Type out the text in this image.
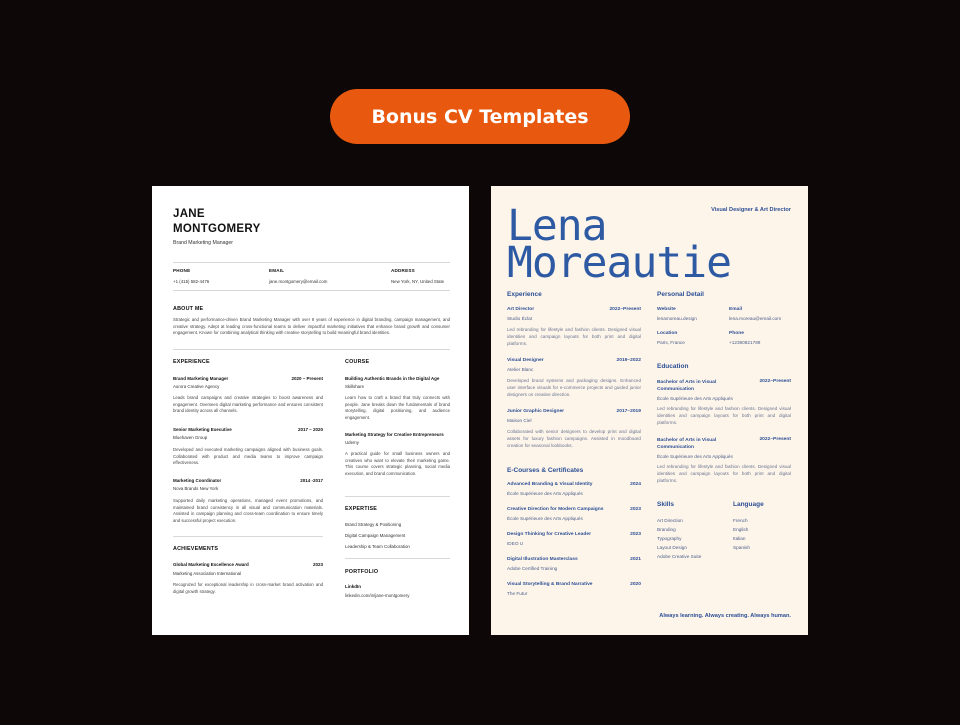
Bonus CV Templates
JANE
MONTGOMERY
Brand Marketing Manager
PHONE
+1 (415) 582-4476
EMAIL
jane.montgomery@email.com
ADDRESS
New York, NY, United State
ABOUT ME
Strategic and performance-driven Brand Marketing Manager with over 8 years of experience in digital branding, campaign management, and creative strategy. Adept at leading cross-functional teams to deliver impactful marketing initiatives that enhance brand growth and consumer engagement. Known for combining analytical thinking with creative storytelling to build meaningful brand identities.
EXPERIENCE
Brand Marketing Manager	2020 – Present
Aurora Creative Agency
Leads brand campaigns and creative strategies to boost awareness and engagement. Oversees digital marketing performance and ensures consistent brand identity across all channels.
Senior Marketing Executive	2017 – 2020
Bluehaven Group
Developed and executed marketing campaigns aligned with business goals. Collaborated with product and media teams to improve campaign effectiveness.
Marketing Coordinator	2014 -2017
Nova Brands New York
Supported daily marketing operations, managed event promotions, and maintained brand consistency in all visual and communication materials. Assisted in campaign planning and cross-team coordination to ensure timely and successful project execution.
ACHIEVEMENTS
Global Marketing Excellence Award	2023
Marketing Association International
Recognized for exceptional leadership in cross-market brand activation and digital growth strategy.
COURSE
Building Authentic Brands in the Digital Age
Skillshare
Learn how to craft a brand that truly connects with people. Jane breaks down the fundamentals of brand storytelling, digital positioning, and audience engagement.
Marketing Strategy for Creative Entrepreneurs
Udemy
A practical guide for small business owners and creatives who want to elevate their marketing game. This course covers strategic planning, social media execution, and brand communication.
EXPERTISE
Brand Strategy & Positioning
Digital Campaign Management
Leadership & Team Collaboration
PORTFOLIO
LinkdIn
linkedin.com/in/jane-montgomery
Visual Designer & Art Director
Lena
Moreautie
Experience
Art Director	2022–Present
Studio Éclat
Led rebranding for lifestyle and fashion clients. Designed visual identities and campaign layouts for both print and digital platforms.
Visual Designer	2019–2022
Atelier Blanc
Developed brand systems and packaging designs. Enhanced user interface visuals for e-commerce projects and guided junior designers on creative direction.
Junior Graphic Designer	2017–2019
Maison Ciel
Collaborated with senior designers to develop print and digital assets for luxury fashion campaigns. Assisted in moodboard creation for seasonal lookbooks.
E-Courses & Certificates
Advanced Branding & Visual Identity	2024
École Supérieure des Arts Appliqués
Creative Direction for Modern Campaigns	2023
École Supérieure des Arts Appliqués
Design Thinking for Creative Leader	2023
IDEO U
Digital Illustration Masterclass	2021
Adobe Certified Training
Visual Storytelling & Brand Narrative	2020
The Futur
Personal Detail
Website
lenamoreau.design
Email
lena.moreau@email.com
Location
Paris, France
Phone
+12390821789
Education
Bachelor of Arts in Visual
Communication
2022–Present
École Supérieure des Arts Appliqués
Led rebranding for lifestyle and fashion clients. Designed visual identities and campaign layouts for both print and digital platforms.
Bachelor of Arts in Visual
Communication
2022–Present
École Supérieure des Arts Appliqués
Led rebranding for lifestyle and fashion clients. Designed visual identities and campaign layouts for both print and digital platforms.
Skills
Art Direction
Branding
Typography
Layout Design
Adobe Creative Suite
Language
French
English
Italian
Spanish
Always learning. Always creating. Always human.
